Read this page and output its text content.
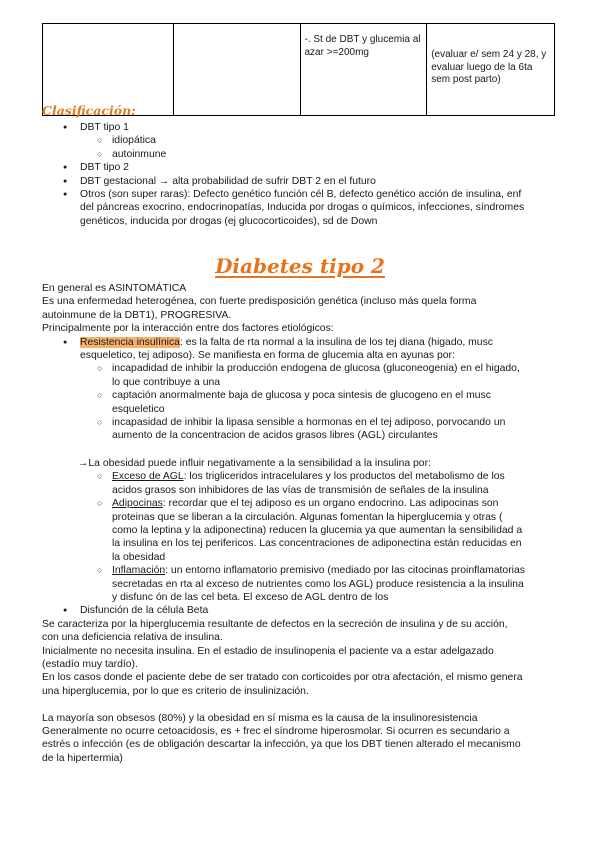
		-. St de DBT y glucemia al azar >=200mg	(evaluar e/ sem 24 y 28, y evaluar luego de la 6ta sem post parto)
Clasificación:
● DBT tipo 1
○ idiopática
○ autoinmune
● DBT tipo 2
● DBT gestacional → alta probabilidad de sufrir DBT 2 en el futuro
● Otros (son super raras): Defecto genético función cél B, defecto genético acción de insulina, enf
del páncreas exocrino, endocrinopatías, Inducida por drogas o químicos, infecciones, síndromes
genéticos, inducida por drogas (ej glucocorticoides), sd de Down
Diabetes tipo 2
En general es ASINTOMÁTICA
Es una enfermedad heterogénea, con fuerte predisposición genética (incluso más quela forma
autoinmune de la DBT1), PROGRESIVA.
Principalmente por la interacción entre dos factores etiológicos:
● Resistencia insulínica: es la falta de rta normal a la insulina de los tej diana (higado, musc
esqueletico, tej adiposo). Se manifiesta en forma de glucemia alta en ayunas por:
○ incapadidad de inhibir la producción endogena de glucosa (gluconeogenia) en el higado,
lo que contribuye a una
○ captación anormalmente baja de glucosa y poca sintesis de glucogeno en el musc
esqueletico
○ incapasidad de inhibir la lipasa sensible a hormonas en el tej adiposo, porvocando un
aumento de la concentracion de acidos grasos libres (AGL) circulantes
→La obesidad puede influir negativamente a la sensibilidad a la insulina por:
○ Exceso de AGL: los trigliceridos intracelulares y los productos del metabolismo de los
acidos grasos son inhibidores de las vías de transmisión de señales de la insulina
○ Adipocinas: recordar que el tej adiposo es un organo endocrino. Las adipocinas son
proteinas que se liberan a la circulación. Algunas fomentan la hiperglucemia y otras (
como la leptina y la adiponectina) reducen la glucemia ya que aumentan la sensibilidad a
la insulina en los tej perifericos. Las concentraciones de adiponectina están reducidas en
la obesidad
○ Inflamación: un entorno inflamatorio premisivo (mediado por las citocinas proinflamatorias
secretadas en rta al exceso de nutrientes como los AGL) produce resistencia a la insulina
y disfunc ón de las cel beta. El exceso de AGL dentro de los
● Disfunción de la célula Beta
Se caracteriza por la hiperglucemia resultante de defectos en la secreción de insulina y de su acción,
con una deficiencia relativa de insulina.
Inicialmente no necesita insulina. En el estadio de insulinopenia el paciente va a estar adelgazado
(estadío muy tardío).
En los casos donde el paciente debe de ser tratado con corticoides por otra afectación, el mismo genera
una hiperglucemia, por lo que es criterio de insulinización.
La mayoría son obsesos (80%) y la obesidad en sí misma es la causa de la insulinoresistencia
Generalmente no ocurre cetoacidosis, es + frec el síndrome hiperosmolar. Si ocurren es secundario a
estrés o infección (es de obligación descartar la infección, ya que los DBT tienen alterado el mecanismo
de la hipertermia)
